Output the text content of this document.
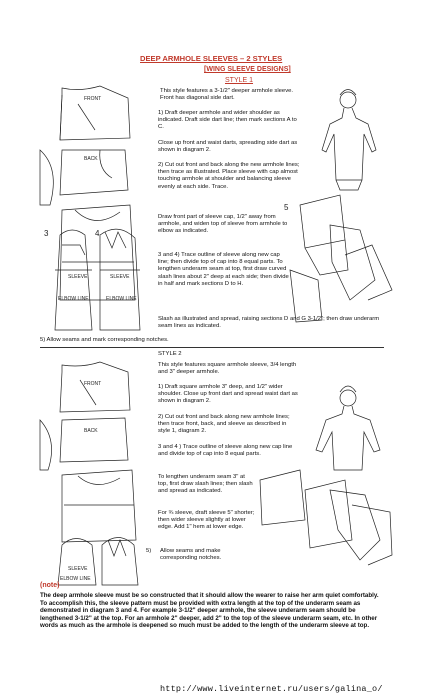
FRONT
BACK
SLEEVE	SLEEVE
ELBOW LINE	ELBOW LINE
3	4
5
FRONT
BACK
SLEEVE
ELBOW LINE
DEEP ARMHOLE SLEEVES – 2 STYLES
[WING SLEEVE DESIGNS]
STYLE 1
This style features a 3-1/2" deeper armhole sleeve. Front has diagonal side dart.
1) Draft deeper armhole and wider shoulder as indicated. Draft side dart line; then mark sections A to C.
Close up front and waist darts, spreading side dart as shown in diagram 2.
2) Cut out front and back along the new armhole lines; then trace as illustrated. Place sleeve with cap almost touching armhole at shoulder and balancing sleeve evenly at each side. Trace.
Draw front part of sleeve cap, 1/2" away from armhole, and widen top of sleeve from armhole to elbow as indicated.
3 and 4) Trace outline of sleeve along new cap line; then divide top of cap into 8 equal parts. To lengthen underarm seam at top, first draw curved slash lines about 2" deep at each side; then divide in half and mark sections D to H.
Slash as illustrated and spread, raising sections D and G 3-1/2"; then draw underarm seam lines as indicated.
5) Allow seams and mark corresponding notches.
STYLE 2
This style features square armhole sleeve, 3/4 length and 3" deeper armhole.
1) Draft square armhole 3" deep, and 1/2" wider shoulder. Close up front dart and spread waist dart as shown in diagram 2.
2) Cut out front and back along new armhole lines; then trace front, back, and sleeve as described in style 1, diagram 2.
3 and 4 ) Trace outline of sleeve along new cap line and divide top of cap into 8 equal parts.
To lengthen underarm seam 3" at top, first draw slash lines; then slash and spread as indicated.
For ¾ sleeve, draft sleeve 5" shorter; then wider sleeve slightly at lower edge. Add 1" hem at lower edge.
5) Allow seams and make corresponding notches.
(note)
The deep armhole sleeve must be so constructed that it should allow the wearer to raise her arm quiet comfortably. To accomplish this, the sleeve pattern must be provided with extra length at the top of the underarm seam as demonstrated in diagram 3 and 4. For example 3-1/2" deeper armhole, the sleeve underarm seam should be lengthened 3-1/2" at the top. For an armhole 2" deeper, add 2" to the top of the sleeve underarm seam, etc. In other words as much as the armhole is deepened so much must be added to the length of the underarm sleeve at top.
http://www.liveinternet.ru/users/galina_o/
